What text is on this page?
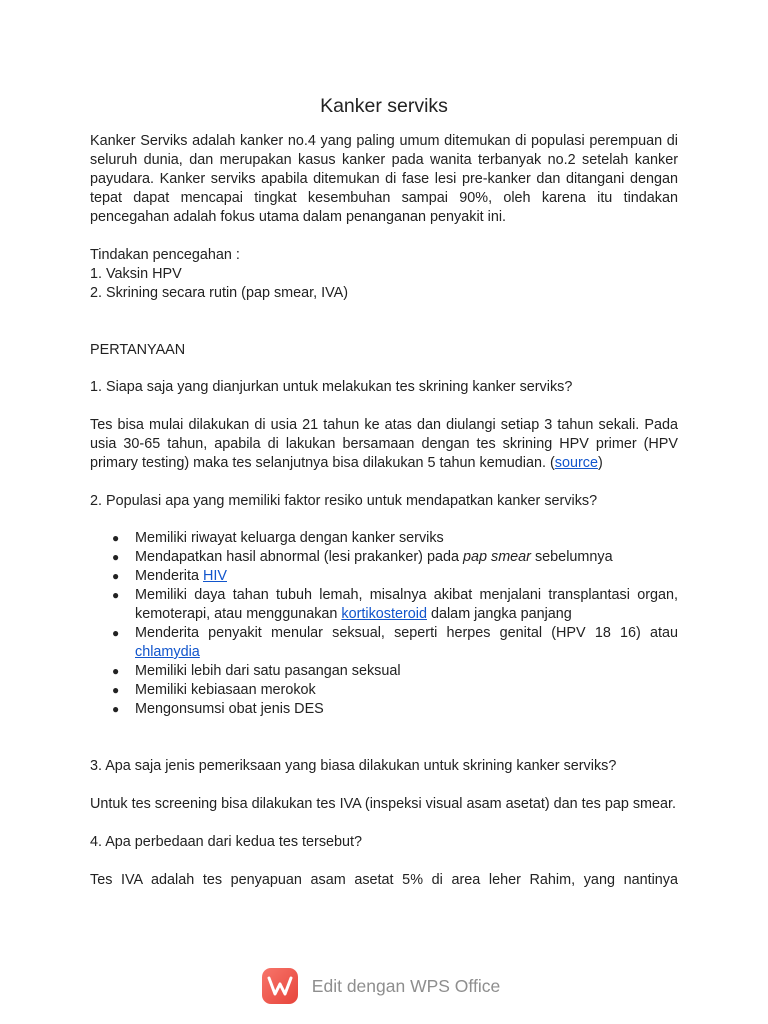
Kanker serviks

Kanker Serviks adalah kanker no.4 yang paling umum ditemukan di populasi perempuan di seluruh dunia, dan merupakan kasus kanker pada wanita terbanyak no.2 setelah kanker payudara. Kanker serviks apabila ditemukan di fase lesi pre-kanker dan ditangani dengan tepat dapat mencapai tingkat kesembuhan sampai 90%, oleh karena itu tindakan pencegahan adalah fokus utama dalam penanganan penyakit ini.

Tindakan pencegahan :

1. Vaksin HPV

2. Skrining secara rutin (pap smear, IVA)

PERTANYAAN

1. Siapa saja yang dianjurkan untuk melakukan tes skrining kanker serviks?

Tes bisa mulai dilakukan di usia 21 tahun ke atas dan diulangi setiap 3 tahun sekali. Pada usia 30-65 tahun, apabila di lakukan bersamaan dengan tes skrining HPV primer (HPV primary testing) maka tes selanjutnya bisa dilakukan 5 tahun kemudian. (source)

2. Populasi apa yang memiliki faktor resiko untuk mendapatkan kanker serviks?

● Memiliki riwayat keluarga dengan kanker serviks
● Mendapatkan hasil abnormal (lesi prakanker) pada pap smear sebelumnya
● Menderita HIV
● Memiliki daya tahan tubuh lemah, misalnya akibat menjalani transplantasi organ, kemoterapi, atau menggunakan kortikosteroid dalam jangka panjang
● Menderita penyakit menular seksual, seperti herpes genital (HPV 18 16) atau chlamydia
● Memiliki lebih dari satu pasangan seksual
● Memiliki kebiasaan merokok
● Mengonsumsi obat jenis DES

3. Apa saja jenis pemeriksaan yang biasa dilakukan untuk skrining kanker serviks?

Untuk tes screening bisa dilakukan tes IVA (inspeksi visual asam asetat) dan tes pap smear.

4. Apa perbedaan dari kedua tes tersebut?

Tes IVA adalah tes penyapuan asam asetat 5% di area leher Rahim, yang nantinya

Edit dengan WPS Office
